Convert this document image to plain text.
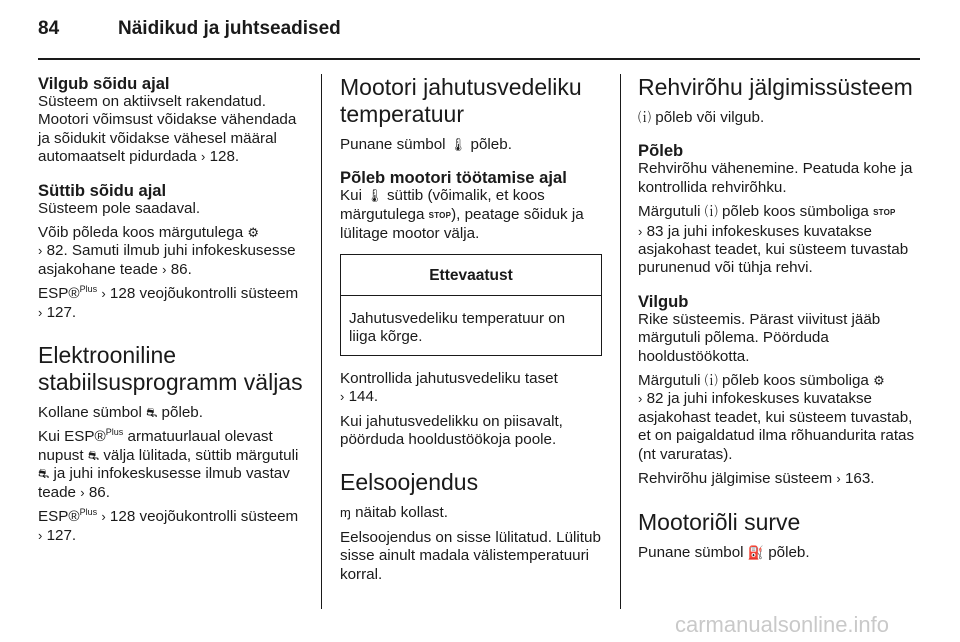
84	Näidikud ja juhtseadised
Vilgub sõidu ajal

Süsteem on aktiivselt rakendatud. Mootori võimsust võidakse vähendada ja sõidukit võidakse vähesel määral automaatselt pidurdada › 128.

Süttib sõidu ajal

Süsteem pole saadaval.

Võib põleda koos märgutulega ⚙
› 82. Samuti ilmub juhi infokeskusesse asjakohane teade › 86.

ESP®$^{Plus}$ › 128 veojõukontrolli süsteem › 127.

Elektrooniline stabiilsusprogramm väljas

Kollane sümbol ⛐ põleb.

Kui ESP®$^{Plus}$ armatuurlaual olevast nupust ⛐ välja lülitada, süttib märgutuli ⛐ ja juhi infokeskusesse ilmub vastav teade › 86.

ESP®$^{Plus}$ › 128 veojõukontrolli süsteem › 127.

Mootori jahutusvedeliku temperatuur

Punane sümbol 🌡 põleb.

Põleb mootori töötamise ajal

Kui 🌡 süttib (võimalik, et koos märgutulega STOP), peatage sõiduk ja lülitage mootor välja.

Ettevaatust
Jahutusvedeliku temperatuur on liiga kõrge.

Kontrollida jahutusvedeliku taset
› 144.

Kui jahutusvedelikku on piisavalt, pöörduda hooldustöökoja poole.

Eelsoojendus

ɱ näitab kollast.

Eelsoojendus on sisse lülitatud. Lülitub sisse ainult madala välistemperatuuri korral.

Rehvirõhu jälgimissüsteem

⒤ põleb või vilgub.

Põleb

Rehvirõhu vähenemine. Peatuda kohe ja kontrollida rehvirõhku.

Märgutuli ⒤ põleb koos sümboliga STOP
› 83 ja juhi infokeskuses kuvatakse asjakohast teadet, kui süsteem tuvastab purunenud või tühja rehvi.

Vilgub

Rike süsteemis. Pärast viivitust jääb märgutuli põlema. Pöörduda hooldustöökotta.

Märgutuli ⒤ põleb koos sümboliga ⚙
› 82 ja juhi infokeskuses kuvatakse asjakohast teadet, kui süsteem tuvastab, et on paigaldatud ilma rõhuandurita ratas (nt varuratas).

Rehvirõhu jälgimise süsteem › 163.

Mootoriõli surve

Punane sümbol ⛽ põleb.

carmanualsonline.info
